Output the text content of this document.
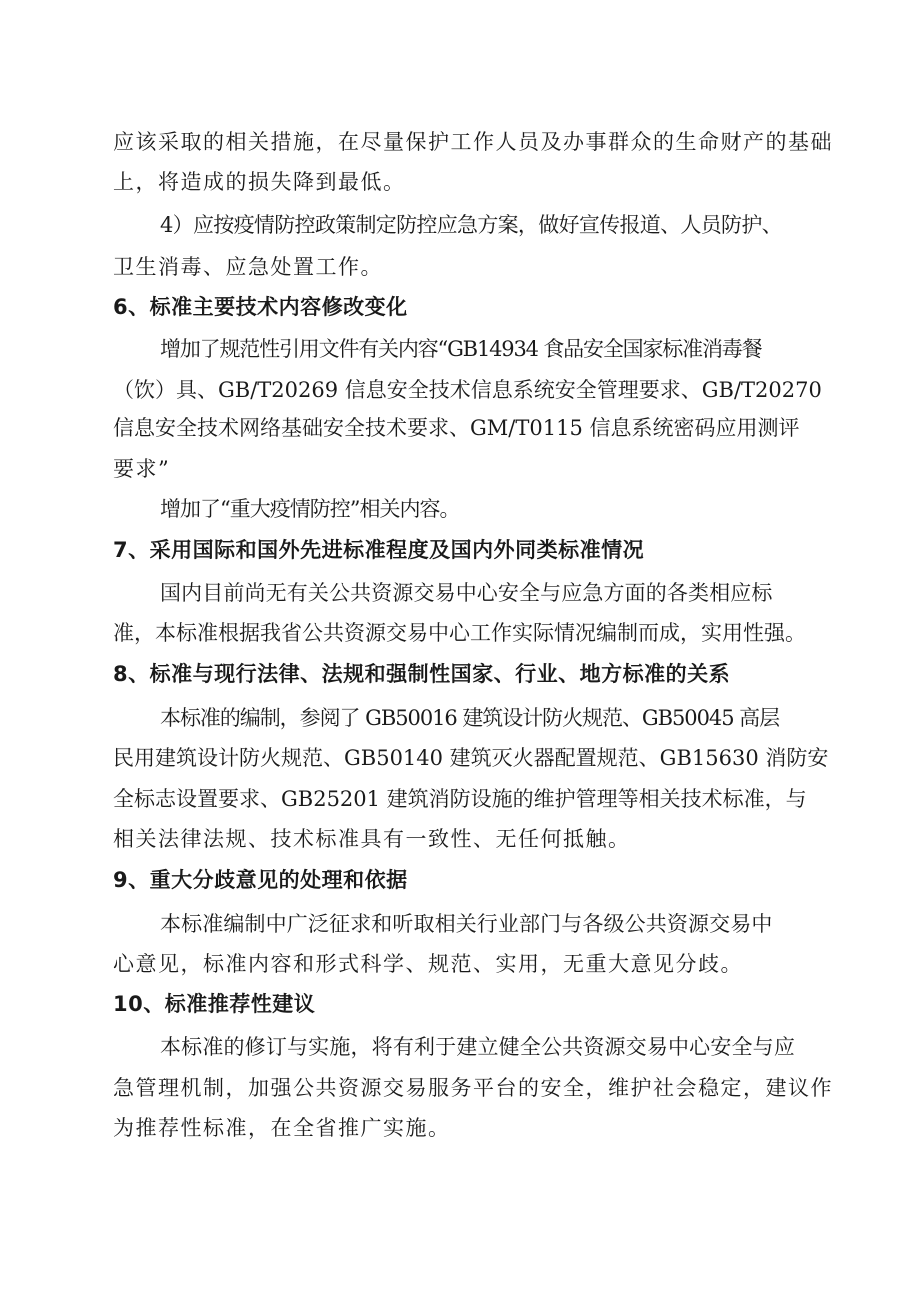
应该采取的相关措施，在尽量保护工作人员及办事群众的生命财产的基础
上，将造成的损失降到最低。
4）应按疫情防控政策制定防控应急方案，做好宣传报道、人员防护、
卫生消毒、应急处置工作。
6、标准主要技术内容修改变化
增加了规范性引用文件有关内容“GB14934 食品安全国家标准消毒餐
（饮）具、GB/T20269 信息安全技术信息系统安全管理要求、GB/T20270
信息安全技术网络基础安全技术要求、GM/T0115 信息系统密码应用测评
要求”
增加了“重大疫情防控”相关内容。
7、采用国际和国外先进标准程度及国内外同类标准情况
国内目前尚无有关公共资源交易中心安全与应急方面的各类相应标
准，本标准根据我省公共资源交易中心工作实际情况编制而成，实用性强。
8、标准与现行法律、法规和强制性国家、行业、地方标准的关系
本标准的编制，参阅了 GB50016 建筑设计防火规范、GB50045 高层
民用建筑设计防火规范、GB50140 建筑灭火器配置规范、GB15630 消防安
全标志设置要求、GB25201 建筑消防设施的维护管理等相关技术标准，与
相关法律法规、技术标准具有一致性、无任何抵触。
9、重大分歧意见的处理和依据
本标准编制中广泛征求和听取相关行业部门与各级公共资源交易中
心意见，标准内容和形式科学、规范、实用，无重大意见分歧。
10、标准推荐性建议
本标准的修订与实施，将有利于建立健全公共资源交易中心安全与应
急管理机制，加强公共资源交易服务平台的安全，维护社会稳定，建议作
为推荐性标准，在全省推广实施。
